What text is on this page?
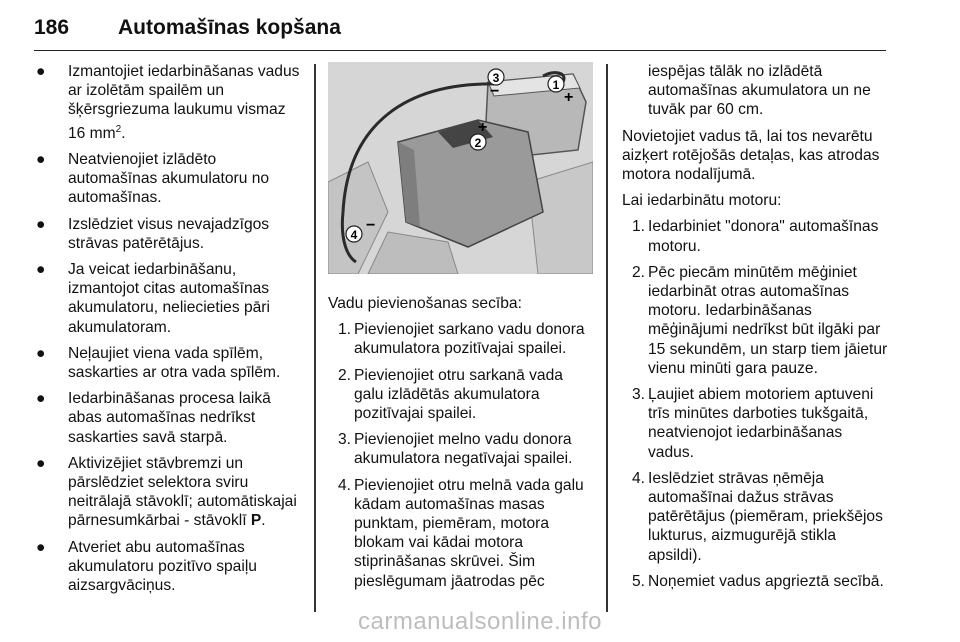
186 Automašīnas kopšana
● Izmantojiet iedarbināšanas vadus ar izolētām spailēm un šķērsgriezuma laukumu vismaz 16 $mm^2$.
● Neatvienojiet izlādēto automašīnas akumulatoru no automašīnas.
● Izslēdziet visus nevajadzīgos strāvas patērētājus.
● Ja veicat iedarbināšanu, izmantojot citas automašīnas akumulatoru, neliecieties pāri akumulatoram.
● Neļaujiet viena vada spīlēm, saskarties ar otra vada spīlēm.
● Iedarbināšanas procesa laikā abas automašīnas nedrīkst saskarties savā starpā.
● Aktivizējiet stāvbremzi un pārslēdziet selektora sviru neitrālajā stāvoklī; automātiskajai pārnesumkārbai - stāvoklī P.
● Atveriet abu automašīnas akumulatoru pozitīvo spaiļu aizsargvāciņus.
3	1
2
4
−	+
+
−
Vadu pievienošanas secība:
1. Pievienojiet sarkano vadu donora akumulatora pozitīvajai spailei.
2. Pievienojiet otru sarkanā vada galu izlādētās akumulatora pozitīvajai spailei.
3. Pievienojiet melno vadu donora akumulatora negatīvajai spailei.
4. Pievienojiet otru melnā vada galu kādam automašīnas masas punktam, piemēram, motora blokam vai kādai motora stiprināšanas skrūvei. Šim pieslēgumam jāatrodas pēc
iespējas tālāk no izlādētā automašīnas akumulatora un ne tuvāk par 60 cm.
Novietojiet vadus tā, lai tos nevarētu aizķert rotējošās detaļas, kas atrodas motora nodalījumā.
Lai iedarbinātu motoru:
1. Iedarbiniet "donora" automašīnas motoru.
2. Pēc piecām minūtēm mēģiniet iedarbināt otras automašīnas motoru. Iedarbināšanas mēģinājumi nedrīkst būt ilgāki par 15 sekundēm, un starp tiem jāietur vienu minūti gara pauze.
3. Ļaujiet abiem motoriem aptuveni trīs minūtes darboties tukšgaitā, neatvienojot iedarbināšanas vadus.
4. Ieslēdziet strāvas ņēmēja automašīnai dažus strāvas patērētājus (piemēram, priekšējos lukturus, aizmugurējā stikla apsildi).
5. Noņemiet vadus apgrieztā secībā.
carmanualsonline.info
